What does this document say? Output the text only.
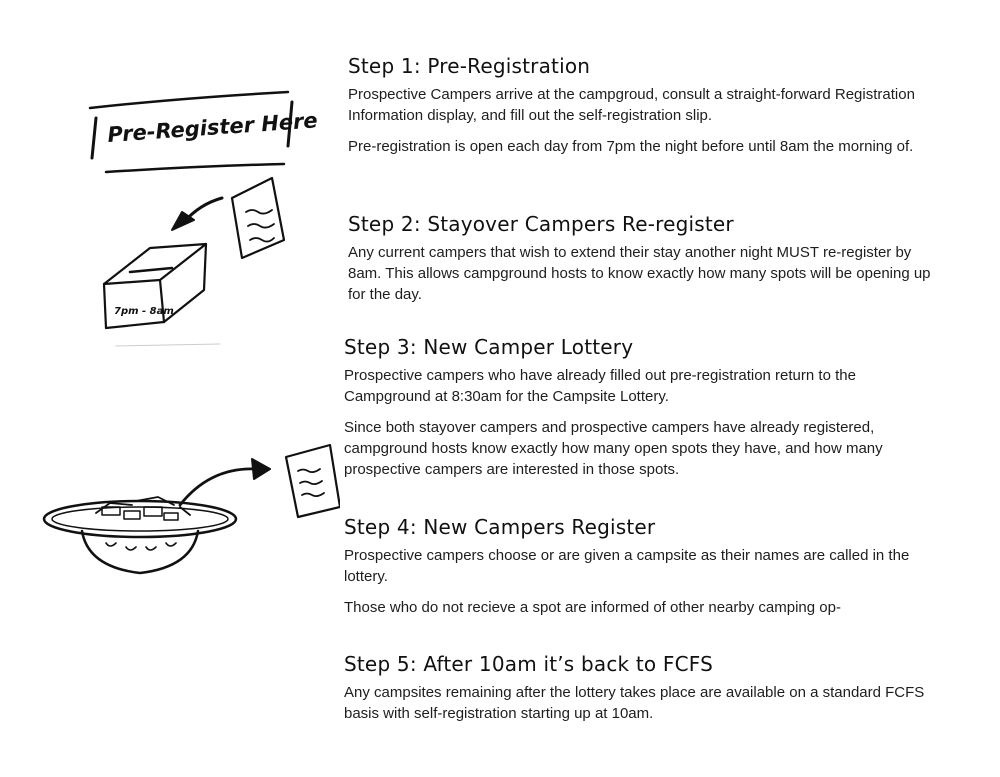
Pre-Register Here
7pm - 8am
Step 1: Pre-Registration

Prospective Campers arrive at the campgroud, consult a straight-forward Registration Information display, and fill out the self-registration slip.

Pre-registration is open each day from 7pm the night before until 8am the morning of.

Step 2: Stayover Campers Re-register

Any current campers that wish to extend their stay another night MUST re-register by 8am. This allows campground hosts to know exactly how many spots will be opening up for the day.

Step 3: New Camper Lottery

Prospective campers who have already filled out pre-registration return to the Campground at 8:30am for the Campsite Lottery.

Since both stayover campers and prospective campers have already registered, campground hosts know exactly how many open spots they have, and how many prospective campers are interested in those spots.

Step 4: New Campers Register

Prospective campers choose or are given a campsite as their names are called in the lottery.

Those who do not recieve a spot are informed of other nearby camping op-

Step 5: After 10am it’s back to FCFS

Any campsites remaining after the lottery takes place are available on a standard FCFS basis with self-registration starting up at 10am.
